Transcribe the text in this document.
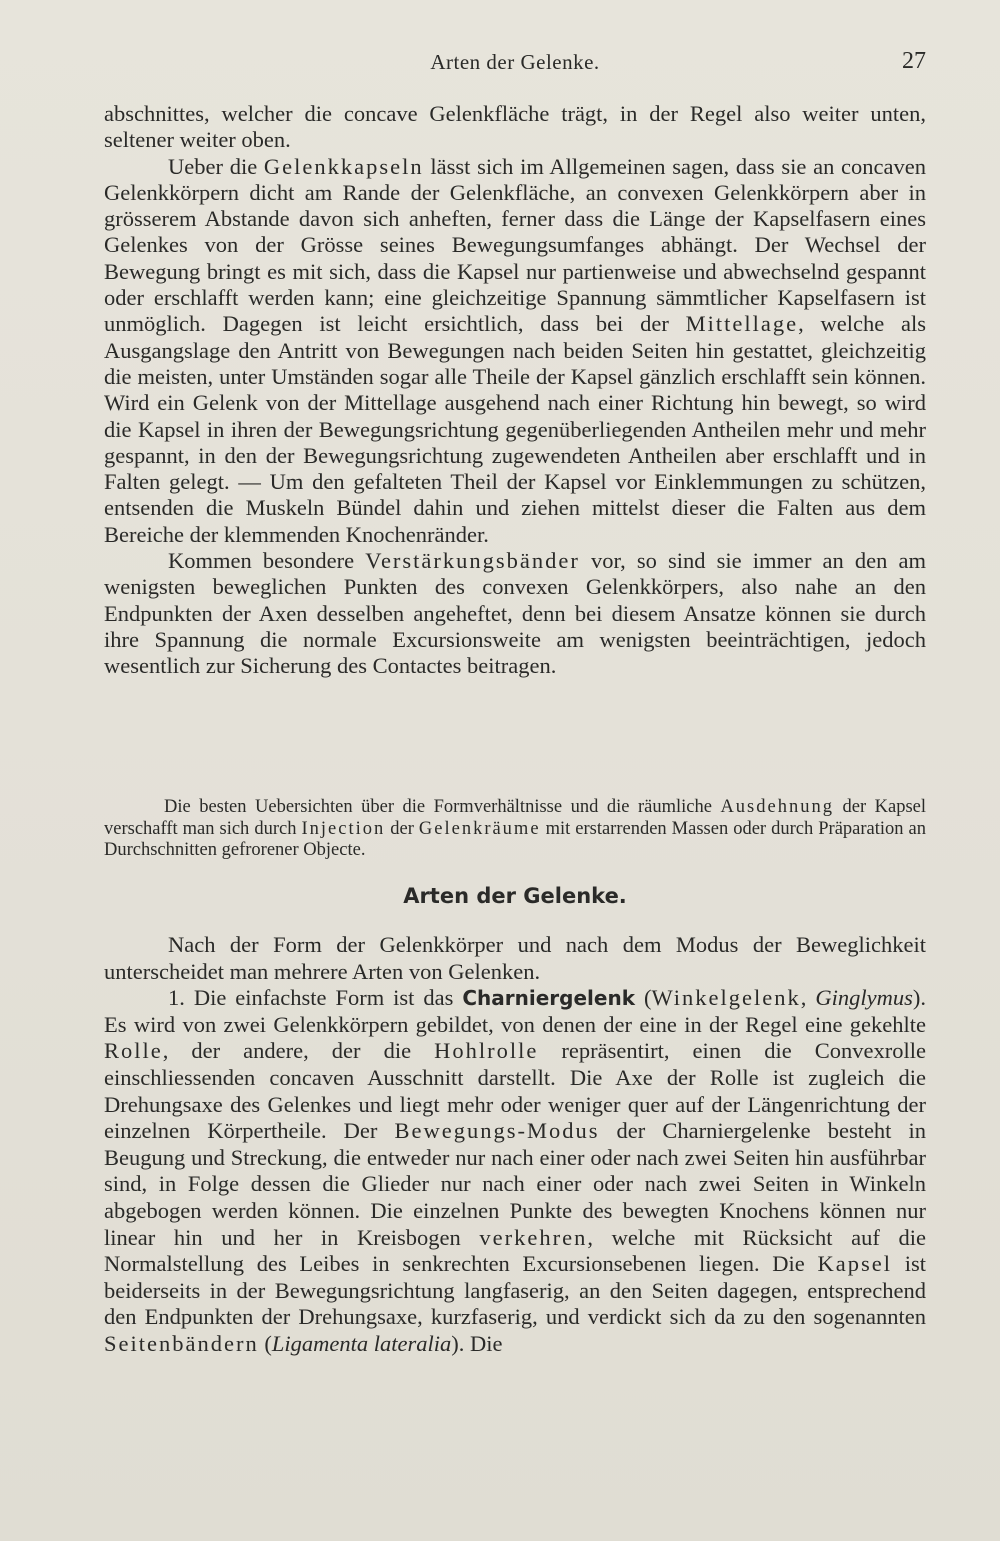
Arten der Gelenke.	27

abschnittes, welcher die concave Gelenkfläche trägt, in der Regel also weiter unten, seltener weiter oben.

Ueber die Gelenkkapseln lässt sich im Allgemeinen sagen, dass sie an concaven Gelenkkörpern dicht am Rande der Gelenkfläche, an convexen Gelenkkörpern aber in grösserem Abstande davon sich anheften, ferner dass die Länge der Kapselfasern eines Gelenkes von der Grösse seines Bewegungsumfanges abhängt. Der Wechsel der Bewegung bringt es mit sich, dass die Kapsel nur partienweise und abwechselnd gespannt oder erschlafft werden kann; eine gleichzeitige Spannung sämmtlicher Kapselfasern ist unmöglich. Dagegen ist leicht ersichtlich, dass bei der Mittellage, welche als Ausgangslage den Antritt von Bewegungen nach beiden Seiten hin gestattet, gleichzeitig die meisten, unter Umständen sogar alle Theile der Kapsel gänzlich erschlafft sein können. Wird ein Gelenk von der Mittellage ausgehend nach einer Richtung hin bewegt, so wird die Kapsel in ihren der Bewegungsrichtung gegenüberliegenden Antheilen mehr und mehr gespannt, in den der Bewegungsrichtung zugewendeten Antheilen aber erschlafft und in Falten gelegt. — Um den gefalteten Theil der Kapsel vor Einklemmungen zu schützen, entsenden die Muskeln Bündel dahin und ziehen mittelst dieser die Falten aus dem Bereiche der klemmenden Knochenränder.

Kommen besondere Verstärkungsbänder vor, so sind sie immer an den am wenigsten beweglichen Punkten des convexen Gelenkkörpers, also nahe an den Endpunkten der Axen desselben angeheftet, denn bei diesem Ansatze können sie durch ihre Spannung die normale Excursionsweite am wenigsten beeinträchtigen, jedoch wesentlich zur Sicherung des Contactes beitragen.

Die besten Uebersichten über die Formverhältnisse und die räumliche Ausdehnung der Kapsel verschafft man sich durch Injection der Gelenkräume mit erstarrenden Massen oder durch Präparation an Durchschnitten gefrorener Objecte.

Arten der Gelenke.

Nach der Form der Gelenkkörper und nach dem Modus der Beweglichkeit unterscheidet man mehrere Arten von Gelenken.

1. Die einfachste Form ist das Charniergelenk (Winkelgelenk, Ginglymus). Es wird von zwei Gelenkkörpern gebildet, von denen der eine in der Regel eine gekehlte Rolle, der andere, der die Hohlrolle repräsentirt, einen die Convexrolle einschliessenden concaven Ausschnitt darstellt. Die Axe der Rolle ist zugleich die Drehungsaxe des Gelenkes und liegt mehr oder weniger quer auf der Längenrichtung der einzelnen Körpertheile. Der Bewegungs-Modus der Charniergelenke besteht in Beugung und Streckung, die entweder nur nach einer oder nach zwei Seiten hin ausführbar sind, in Folge dessen die Glieder nur nach einer oder nach zwei Seiten in Winkeln abgebogen werden können. Die einzelnen Punkte des bewegten Knochens können nur linear hin und her in Kreisbogen verkehren, welche mit Rücksicht auf die Normalstellung des Leibes in senkrechten Excursionsebenen liegen. Die Kapsel ist beiderseits in der Bewegungsrichtung langfaserig, an den Seiten dagegen, entsprechend den Endpunkten der Drehungsaxe, kurzfaserig, und verdickt sich da zu den sogenannten Seitenbändern (Ligamenta lateralia). Die
